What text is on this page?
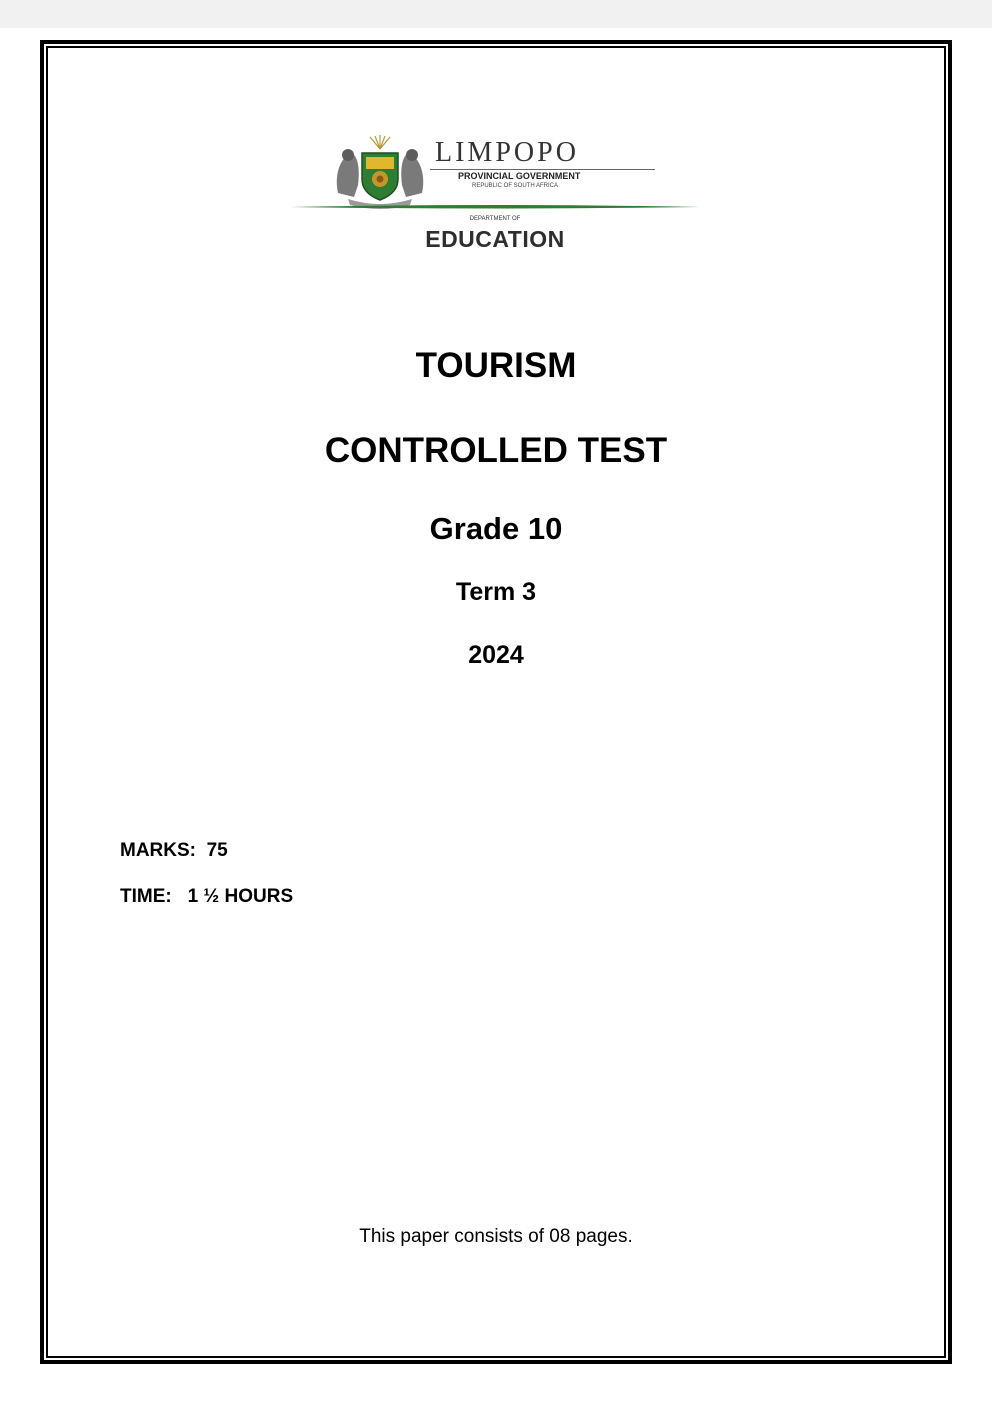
LIMPOPO

PROVINCIAL GOVERNMENT

REPUBLIC OF SOUTH AFRICA

DEPARTMENT OF

EDUCATION

TOURISM
CONTROLLED TEST
Grade 10

Term 3

2024

MARKS: 75

TIME: 1 ½ HOURS

This paper consists of 08 pages.
